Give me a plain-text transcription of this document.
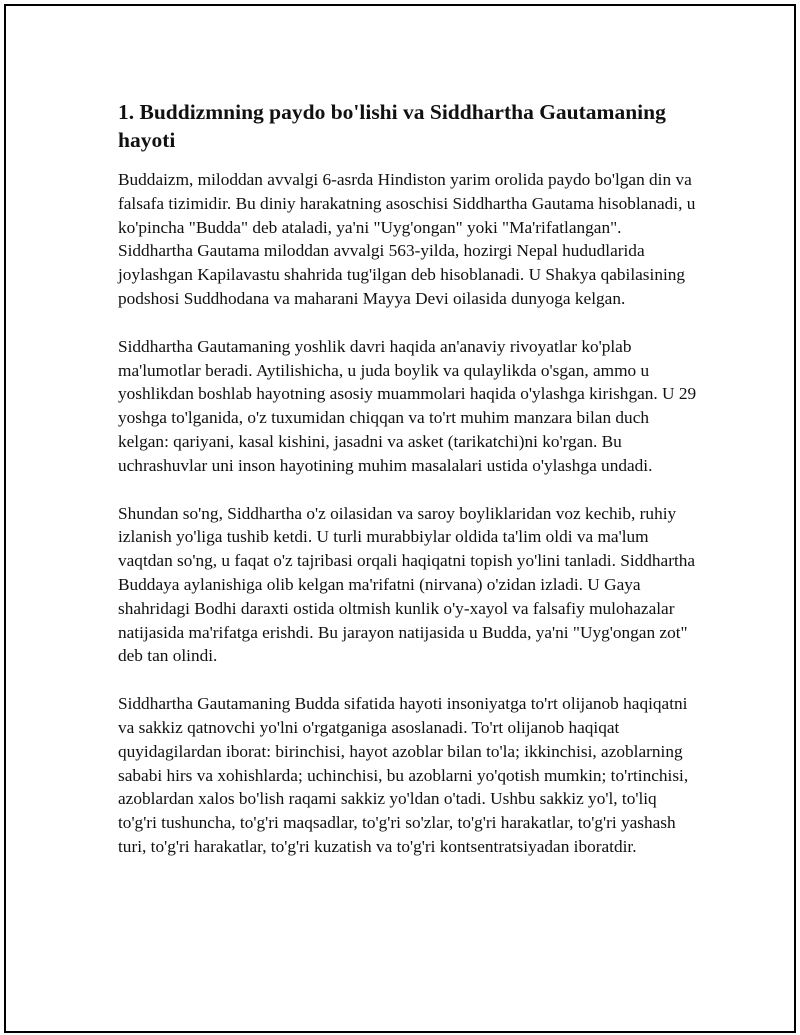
1. Buddizmning paydo bo'lishi va Siddhartha Gautamaning hayoti

Buddaizm, miloddan avvalgi 6-asrda Hindiston yarim orolida paydo bo'lgan din va falsafa tizimidir. Bu diniy harakatning asoschisi Siddhartha Gautama hisoblanadi, u ko'pincha "Budda" deb ataladi, ya'ni "Uyg'ongan" yoki "Ma'rifatlangan". Siddhartha Gautama miloddan avvalgi 563-yilda, hozirgi Nepal hududlarida joylashgan Kapilavastu shahrida tug'ilgan deb hisoblanadi. U Shakya qabilasining podshosi Suddhodana va maharani Mayya Devi oilasida dunyoga kelgan.

Siddhartha Gautamaning yoshlik davri haqida an'anaviy rivoyatlar ko'plab ma'lumotlar beradi. Aytilishicha, u juda boylik va qulaylikda o'sgan, ammo u yoshlikdan boshlab hayotning asosiy muammolari haqida o'ylashga kirishgan. U 29 yoshga to'lganida, o'z tuxumidan chiqqan va to'rt muhim manzara bilan duch kelgan: qariyani, kasal kishini, jasadni va asket (tarikatchi)ni ko'rgan. Bu uchrashuvlar uni inson hayotining muhim masalalari ustida o'ylashga undadi.

Shundan so'ng, Siddhartha o'z oilasidan va saroy boyliklaridan voz kechib, ruhiy izlanish yo'liga tushib ketdi. U turli murabbiylar oldida ta'lim oldi va ma'lum vaqtdan so'ng, u faqat o'z tajribasi orqali haqiqatni topish yo'lini tanladi. Siddhartha Buddaya aylanishiga olib kelgan ma'rifatni (nirvana) o'zidan izladi. U Gaya shahridagi Bodhi daraxti ostida oltmish kunlik o'y-xayol va falsafiy mulohazalar natijasida ma'rifatga erishdi. Bu jarayon natijasida u Budda, ya'ni "Uyg'ongan zot" deb tan olindi.

Siddhartha Gautamaning Budda sifatida hayoti insoniyatga to'rt olijanob haqiqatni va sakkiz qatnovchi yo'lni o'rgatganiga asoslanadi. To'rt olijanob haqiqat quyidagilardan iborat: birinchisi, hayot azoblar bilan to'la; ikkinchisi, azoblarning sababi hirs va xohishlarda; uchinchisi, bu azoblarni yo'qotish mumkin; to'rtinchisi, azoblardan xalos bo'lish raqami sakkiz yo'ldan o'tadi. Ushbu sakkiz yo'l, to'liq to'g'ri tushuncha, to'g'ri maqsadlar, to'g'ri so'zlar, to'g'ri harakatlar, to'g'ri yashash turi, to'g'ri harakatlar, to'g'ri kuzatish va to'g'ri kontsentratsiyadan iboratdir.
